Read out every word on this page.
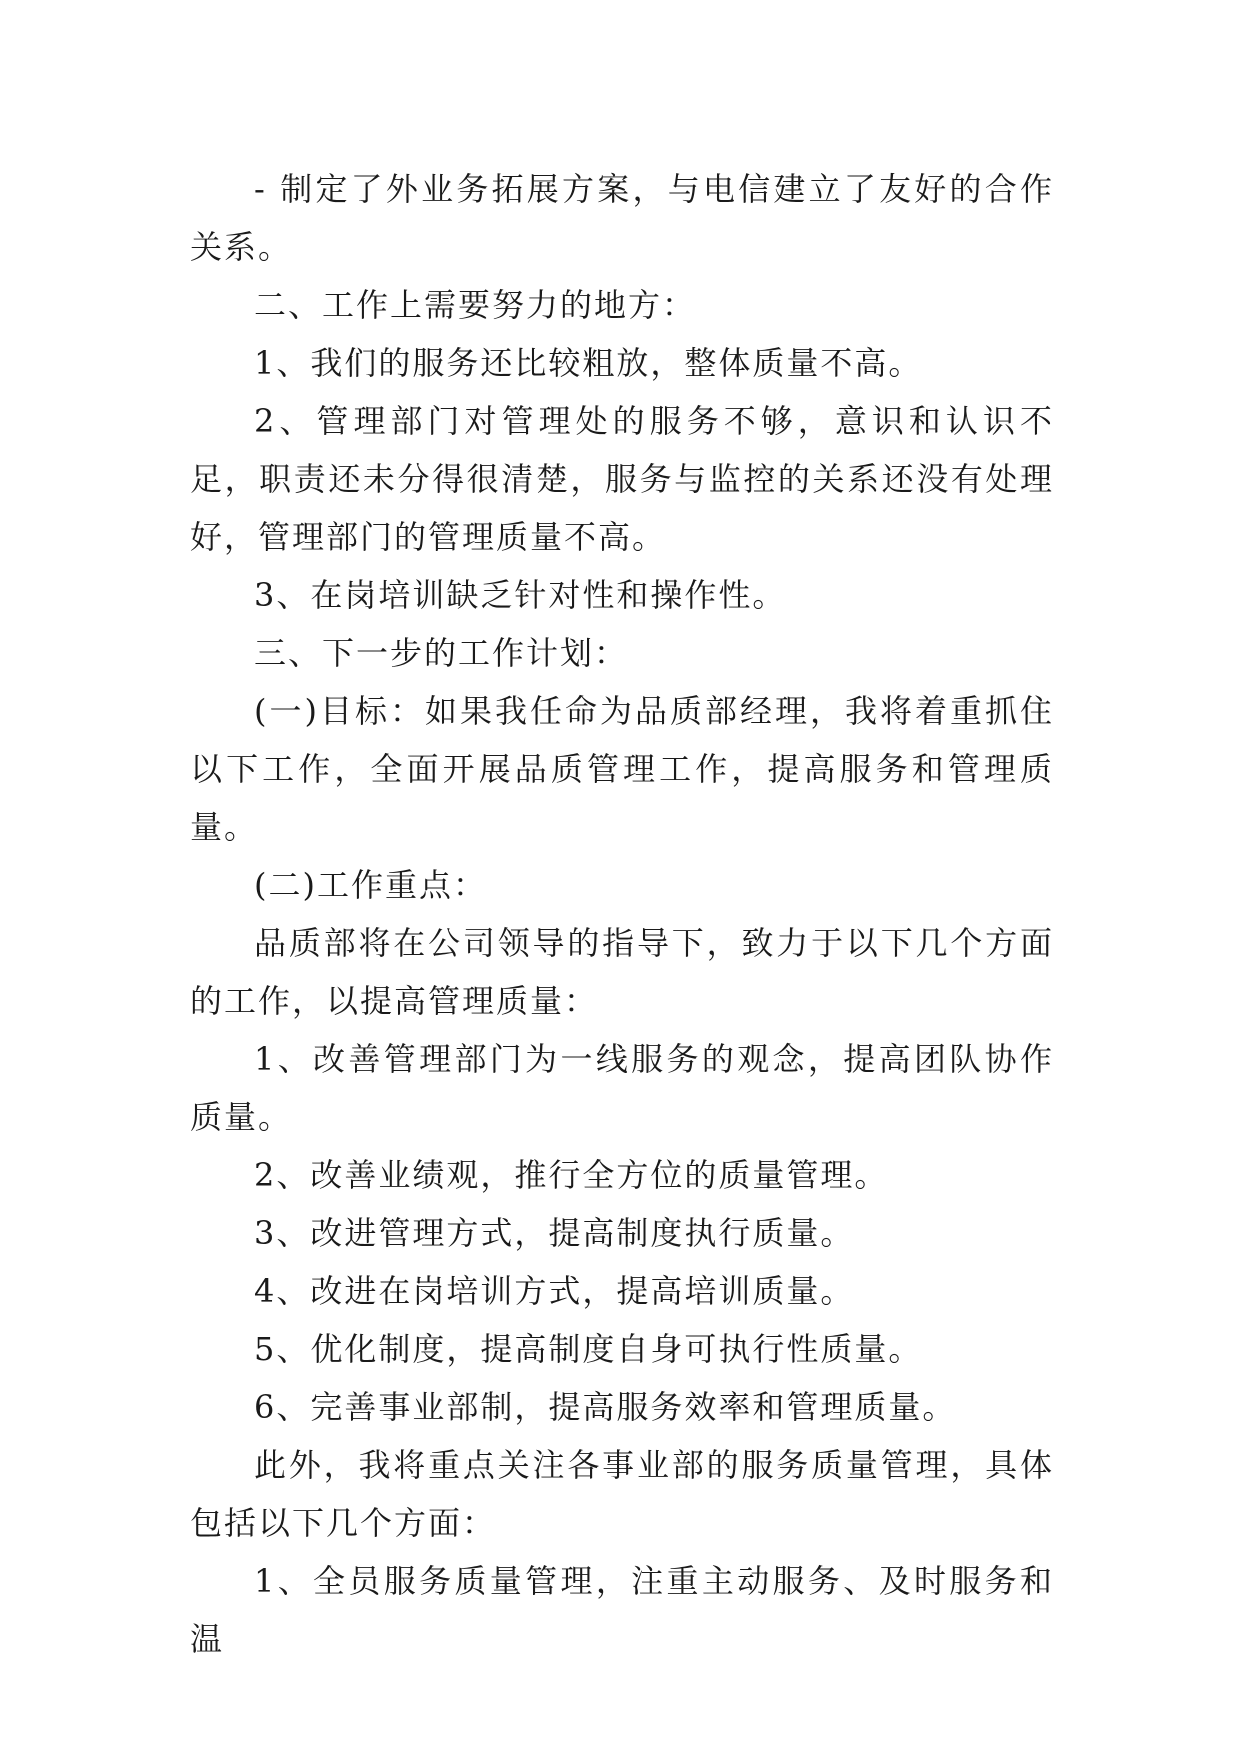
- 制定了外业务拓展方案，与电信建立了友好的合作关系。

二、工作上需要努力的地方：

1、我们的服务还比较粗放，整体质量不高。

2、管理部门对管理处的服务不够，意识和认识不足，职责还未分得很清楚，服务与监控的关系还没有处理好，管理部门的管理质量不高。

3、在岗培训缺乏针对性和操作性。

三、下一步的工作计划：

(一)目标：如果我任命为品质部经理，我将着重抓住以下工作，全面开展品质管理工作，提高服务和管理质量。

(二)工作重点：

品质部将在公司领导的指导下，致力于以下几个方面的工作，以提高管理质量：

1、改善管理部门为一线服务的观念，提高团队协作质量。

2、改善业绩观，推行全方位的质量管理。

3、改进管理方式，提高制度执行质量。

4、改进在岗培训方式，提高培训质量。

5、优化制度，提高制度自身可执行性质量。

6、完善事业部制，提高服务效率和管理质量。

此外，我将重点关注各事业部的服务质量管理，具体包括以下几个方面：

1、全员服务质量管理，注重主动服务、及时服务和温
